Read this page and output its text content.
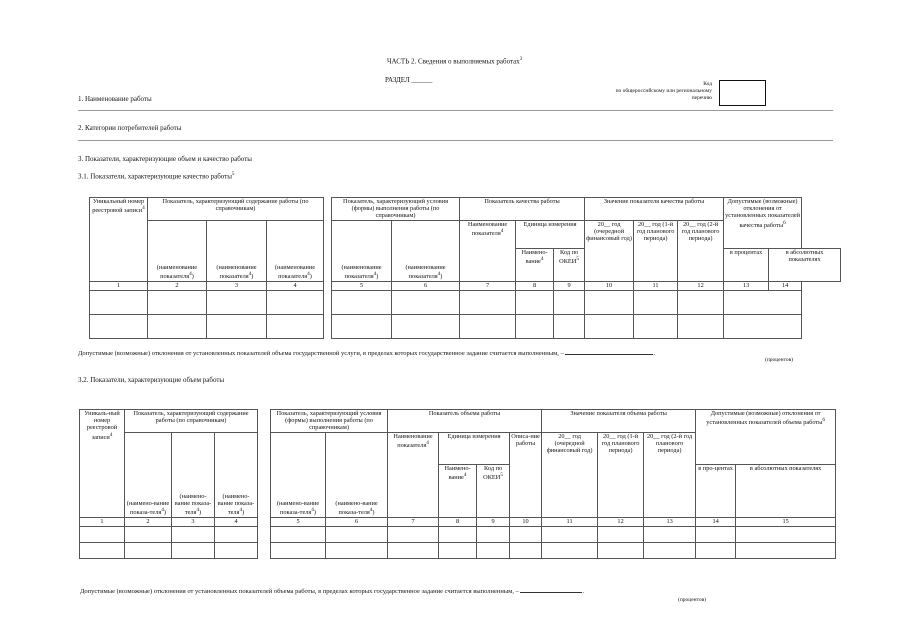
ЧАСТЬ 2. Сведения о выполняемых работах$^3$
РАЗДЕЛ ______	Код
по общероссийскому или региональному
перечню
1. Наименование работы
2. Категории потребителей работы
3. Показатели, характеризующие объем и качество работы
3.1. Показатели, характеризующие качество работы$^5$
Уникальный номер реестровой записи$^4$	Показатель, характеризующий содержание работы (по справочникам)				Показатель, характеризующий условия (формы) выполнения работы (по справочникам)		Показатель качества работы			Значение показателя качества работы			Допустимые (возможные) отклонения от установленных показателей качества работы$^6$
	(наименование показателя$^4$)	(наименование показателя$^4$)	(наименование показателя$^4$)		(наименование показателя$^4$)	(наименование показателя$^4$)	Наименование показателя$^4$	Единица измерения		20__ год (очередной финансовый год)	20__ год (1-й год планового периода)	20__ год (2-й год планового периода)		
								Наимено-вание$^4$	Код по ОКЕИ$^5$				в процентах	в абсолютных показателях
1	2	3	4		5	6	7	8	9	10	11	12	13	14

Допустимые (возможные) отклонения от установленных показателей объема государственной услуги, в пределах которых государственное задание считается выполненным, –	.
(процентов)
3.2. Показатели, характеризующие объем работы
Уникаль-ный номер реестровой записи$^4$	Показатель, характеризующий содержание работы (по справочникам)				Показатель, характеризующий условия (формы) выполнения работы (по справочникам)		Показатель объема работы				Значение показателя объема работы			Допустимые (возможные) отклонения от установленных показателей объема работы$^6$
	(наимено-вание показа-теля$^4$)	(наимено-вание показа-теля$^4$)	(наимено-вание показа-теля$^4$)		(наимено-вание показа-теля$^4$)	(наимено-вание показа-теля$^4$)	Наименование показателя$^4$	Единица измерения		Описа-ние работы	20__ год (очередной финансовый год)	20__ год (1-й год планового периода)	20__ год (2-й год планового периода)		
								Наимено-вание$^4$	Код по ОКЕИ$^5$					в про-центах	в абсолютных показателях
1	2	3	4		5	6	7	8	9	10	11	12	13	14	15

Допустимые (возможные) отклонения от установленных показателей объема работы, в пределах которых государственное задание считается выполненным, –	.
(процентов)
